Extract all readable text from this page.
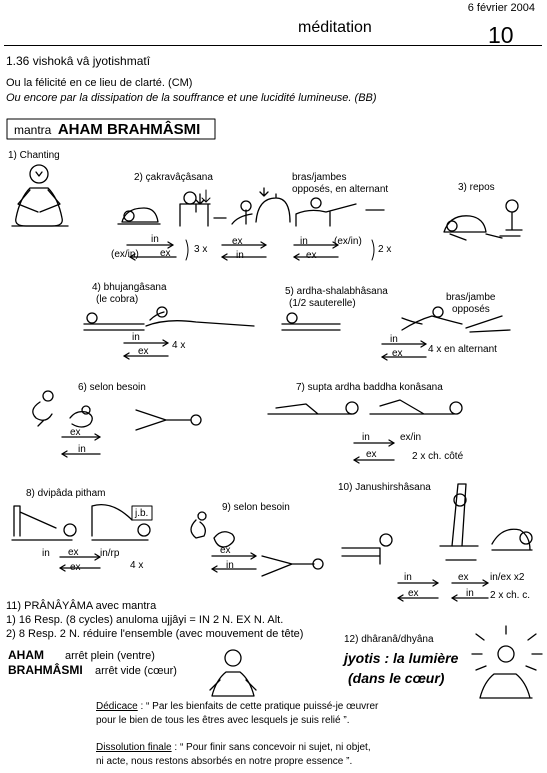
6 février 2004
méditation	10
1.36 vishokâ vâ jyotishmatî
Ou la félicité en ce lieu de clarté. (CM)
Ou encore par la dissipation de la souffrance et une lucidité lumineuse. (BB)
mantra AHAM BRAHMÂSMI
1) Chanting
2) çakravâçâsana	bras/jambes
opposés, en alternant	3) repos
in
(ex/in) ex 3 x
ex
in
in	(ex/in)
ex
2 x
4) bhujangâsana
(le cobra)
5) ardha-shalabhâsana
(1/2 sauterelle)
bras/jambe
opposés
in
ex
4 x
in
ex	4 x en alternant
6) selon besoin	7) supta ardha baddha konâsana
ex
in
in	ex/in
ex	2 x ch. côté
8) dvipâda pitham
j.b.
9) selon besoin
10) Janushirshâsana
in ex in/rp
ex	4 x
ex
in
in
ex
ex in/ex x2
in 2 x ch. c.
11) PRÂNÂYÂMA avec mantra
1) 16 Resp. (8 cycles) anuloma ujjâyi = IN 2 N. EX N. Alt.
2) 8 Resp. 2 N. réduire l'ensemble (avec mouvement de tête)
AHAM arrêt plein (ventre)
BRAHMÂSMI arrêt vide (cœur)
12) dhâranâ/dhyâna
jyotis : la lumière
(dans le cœur)
Dédicace : “ Par les bienfaits de cette pratique puissé-je œuvrer
pour le bien de tous les êtres avec lesquels je suis relié ”.
Dissolution finale : “ Pour finir sans concevoir ni sujet, ni objet,
ni acte, nous restons absorbés en notre propre essence ”.
